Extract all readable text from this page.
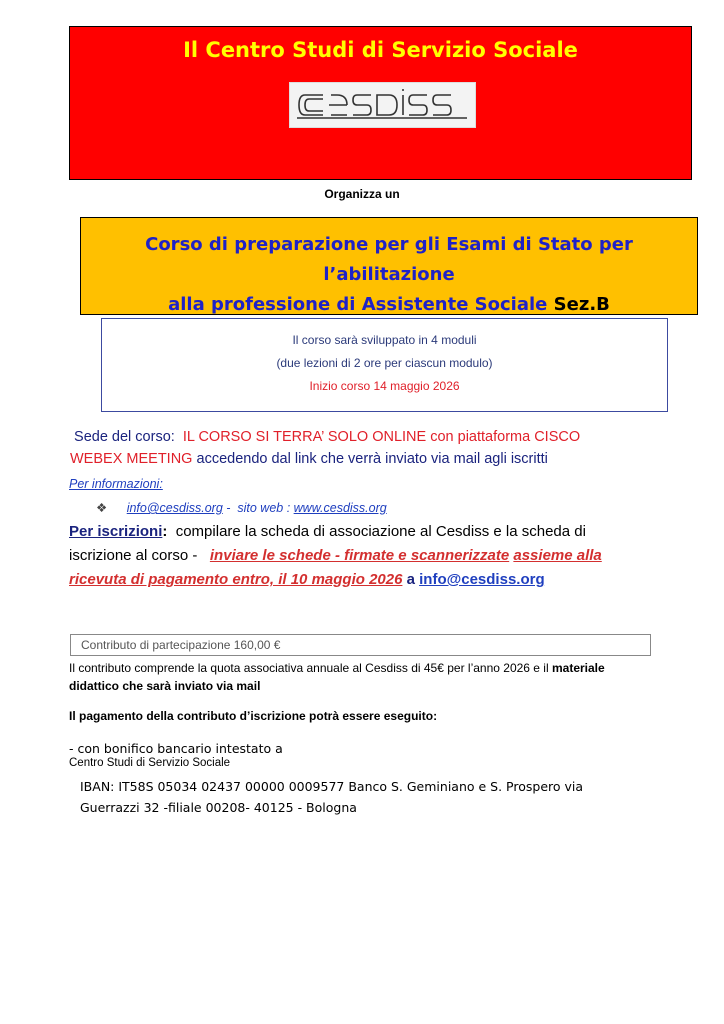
Il Centro Studi di Servizio Sociale
Organizza un
Corso di preparazione per gli Esami di Stato per l’abilitazione
alla professione di Assistente Sociale Sez.B
Il corso sarà sviluppato in 4 moduli
(due lezioni di 2 ore per ciascun modulo)
Inizio corso 14 maggio 2026
Sede del corso: IL CORSO SI TERRA’ SOLO ONLINE con piattaforma CISCO WEBEX MEETING accedendo dal link che verrà inviato via mail agli iscritti
Per informazioni:
❖ info@cesdiss.org -  sito web : www.cesdiss.org
Per iscrizioni: compilare la scheda di associazione al Cesdiss e la scheda di iscrizione al corso - inviare le schede - firmate e scannerizzate assieme alla ricevuta di pagamento entro, il 10 maggio 2026 a info@cesdiss.org
Contributo di partecipazione 160,00 €
Il contributo comprende la quota associativa annuale al Cesdiss di 45€ per l’anno 2026 e il materiale didattico che sarà inviato via mail
Il pagamento della contributo d’iscrizione potrà essere eseguito:
- con bonifico bancario intestato a
Centro Studi di Servizio Sociale
IBAN: IT58S 05034 02437 00000 0009577 Banco S. Geminiano e S. Prospero via
Guerrazzi 32 -filiale 00208- 40125 - Bologna
